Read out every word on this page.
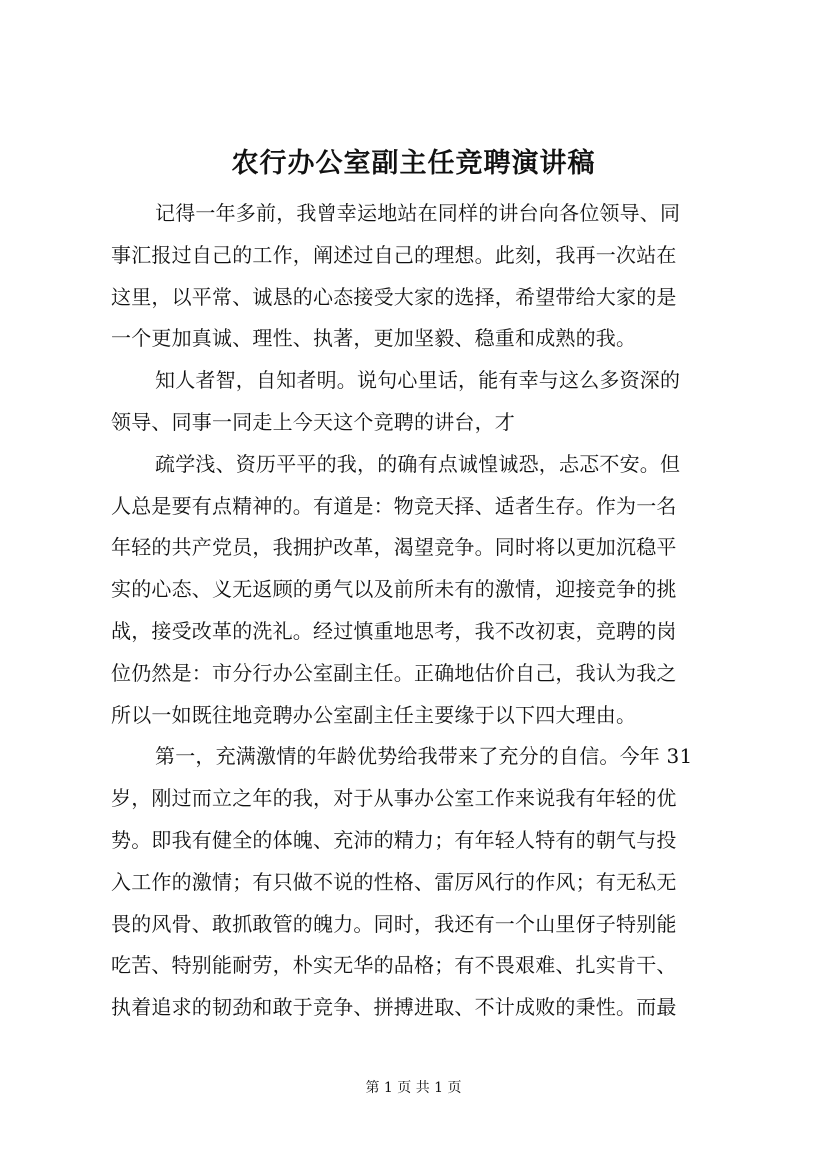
农行办公室副主任竞聘演讲稿
记得一年多前，我曾幸运地站在同样的讲台向各位领导、同
事汇报过自己的工作，阐述过自己的理想。此刻，我再一次站在
这里，以平常、诚恳的心态接受大家的选择，希望带给大家的是
一个更加真诚、理性、执著，更加坚毅、稳重和成熟的我。
知人者智，自知者明。说句心里话，能有幸与这么多资深的
领导、同事一同走上今天这个竞聘的讲台，才
疏学浅、资历平平的我，的确有点诚惶诚恐，忐忑不安。但
人总是要有点精神的。有道是：物竞天择、适者生存。作为一名
年轻的共产党员，我拥护改革，渴望竞争。同时将以更加沉稳平
实的心态、义无返顾的勇气以及前所未有的激情，迎接竞争的挑
战，接受改革的洗礼。经过慎重地思考，我不改初衷，竞聘的岗
位仍然是：市分行办公室副主任。正确地估价自己，我认为我之
所以一如既往地竞聘办公室副主任主要缘于以下四大理由。
第一，充满激情的年龄优势给我带来了充分的自信。今年 31
岁，刚过而立之年的我，对于从事办公室工作来说我有年轻的优
势。即我有健全的体魄、充沛的精力；有年轻人特有的朝气与投
入工作的激情；有只做不说的性格、雷厉风行的作风；有无私无
畏的风骨、敢抓敢管的魄力。同时，我还有一个山里伢子特别能
吃苦、特别能耐劳，朴实无华的品格；有不畏艰难、扎实肯干、
执着追求的韧劲和敢于竞争、拼搏进取、不计成败的秉性。而最
第 1 页 共 1 页
